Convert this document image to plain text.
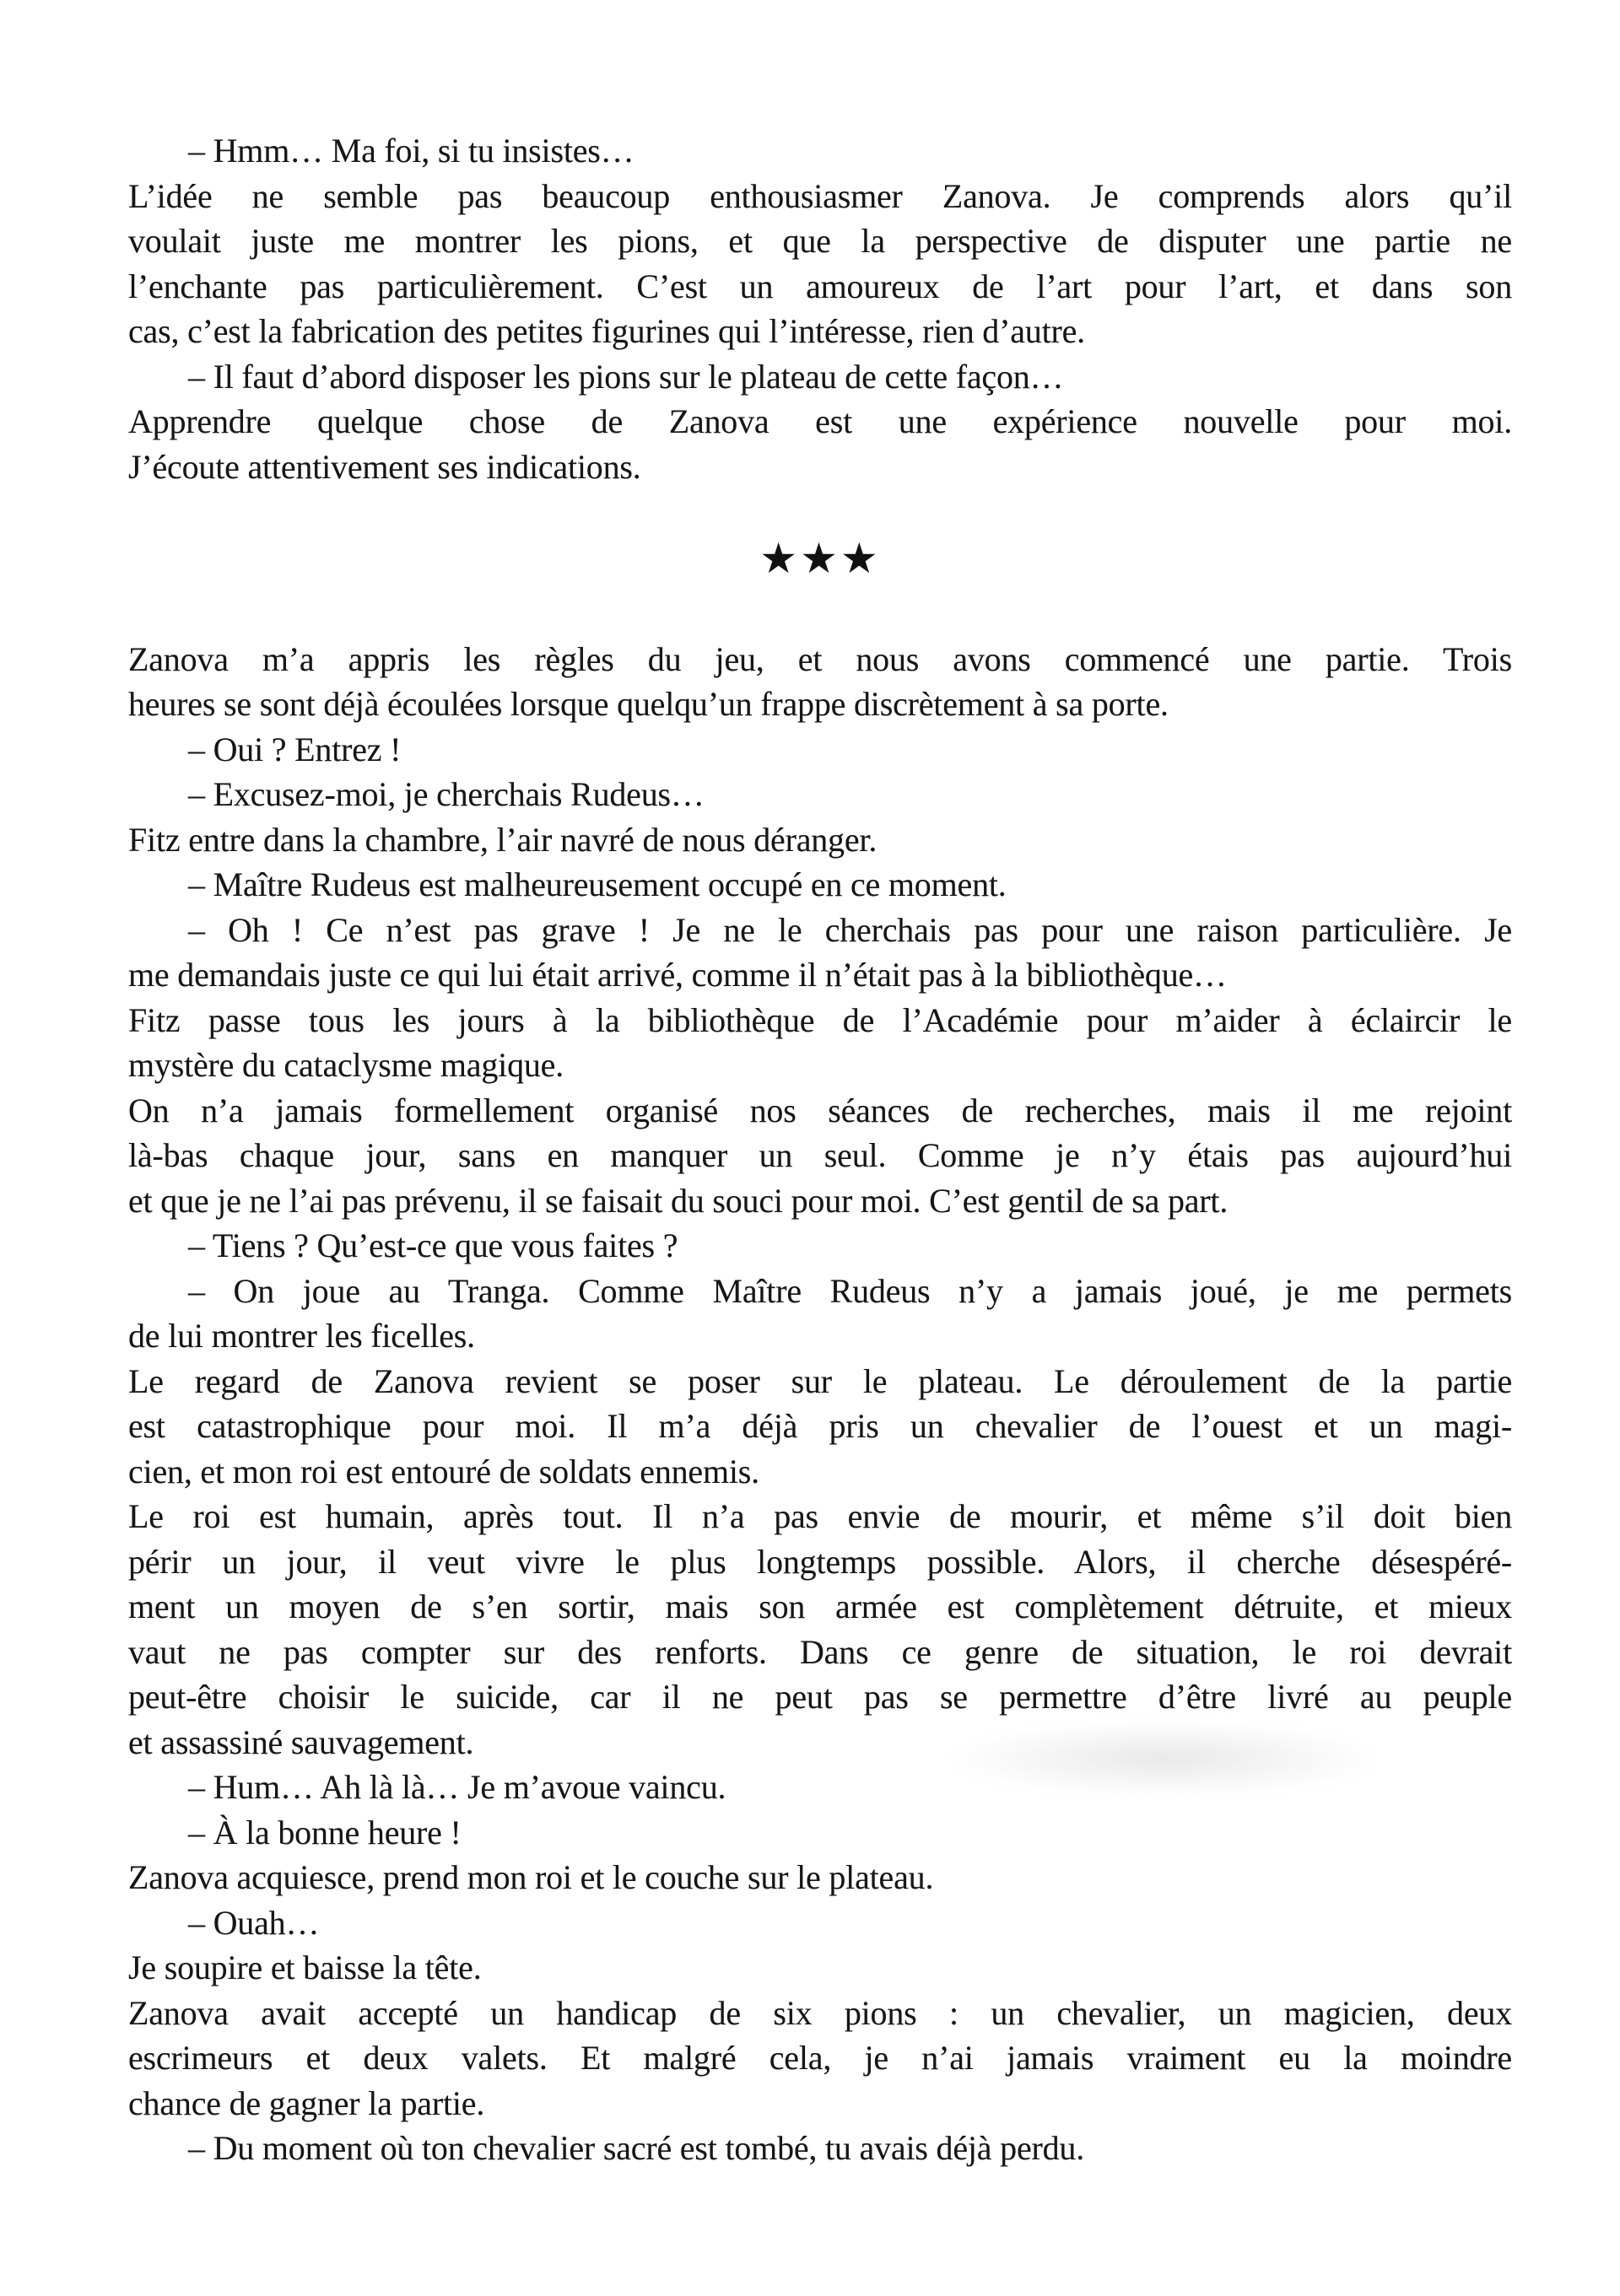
– Hmm… Ma foi, si tu insistes…
L’idée ne semble pas beaucoup enthousiasmer Zanova. Je comprends alors qu’il
voulait juste me montrer les pions, et que la perspective de disputer une partie ne
l’enchante pas particulièrement. C’est un amoureux de l’art pour l’art, et dans son
cas, c’est la fabrication des petites figurines qui l’intéresse, rien d’autre.
– Il faut d’abord disposer les pions sur le plateau de cette façon…
Apprendre quelque chose de Zanova est une expérience nouvelle pour moi.
J’écoute attentivement ses indications.
★★★
Zanova m’a appris les règles du jeu, et nous avons commencé une partie. Trois
heures se sont déjà écoulées lorsque quelqu’un frappe discrètement à sa porte.
– Oui ? Entrez !
– Excusez-moi, je cherchais Rudeus…
Fitz entre dans la chambre, l’air navré de nous déranger.
– Maître Rudeus est malheureusement occupé en ce moment.
– Oh ! Ce n’est pas grave ! Je ne le cherchais pas pour une raison particulière. Je
me demandais juste ce qui lui était arrivé, comme il n’était pas à la bibliothèque…
Fitz passe tous les jours à la bibliothèque de l’Académie pour m’aider à éclaircir le
mystère du cataclysme magique.
On n’a jamais formellement organisé nos séances de recherches, mais il me rejoint
là-bas chaque jour, sans en manquer un seul. Comme je n’y étais pas aujourd’hui
et que je ne l’ai pas prévenu, il se faisait du souci pour moi. C’est gentil de sa part.
– Tiens ? Qu’est-ce que vous faites ?
– On joue au Tranga. Comme Maître Rudeus n’y a jamais joué, je me permets
de lui montrer les ficelles.
Le regard de Zanova revient se poser sur le plateau. Le déroulement de la partie
est catastrophique pour moi. Il m’a déjà pris un chevalier de l’ouest et un magi-
cien, et mon roi est entouré de soldats ennemis.
Le roi est humain, après tout. Il n’a pas envie de mourir, et même s’il doit bien
périr un jour, il veut vivre le plus longtemps possible. Alors, il cherche désespéré-
ment un moyen de s’en sortir, mais son armée est complètement détruite, et mieux
vaut ne pas compter sur des renforts. Dans ce genre de situation, le roi devrait
peut-être choisir le suicide, car il ne peut pas se permettre d’être livré au peuple
et assassiné sauvagement.
– Hum… Ah là là… Je m’avoue vaincu.
– À la bonne heure !
Zanova acquiesce, prend mon roi et le couche sur le plateau.
– Ouah…
Je soupire et baisse la tête.
Zanova avait accepté un handicap de six pions : un chevalier, un magicien, deux
escrimeurs et deux valets. Et malgré cela, je n’ai jamais vraiment eu la moindre
chance de gagner la partie.
– Du moment où ton chevalier sacré est tombé, tu avais déjà perdu.
